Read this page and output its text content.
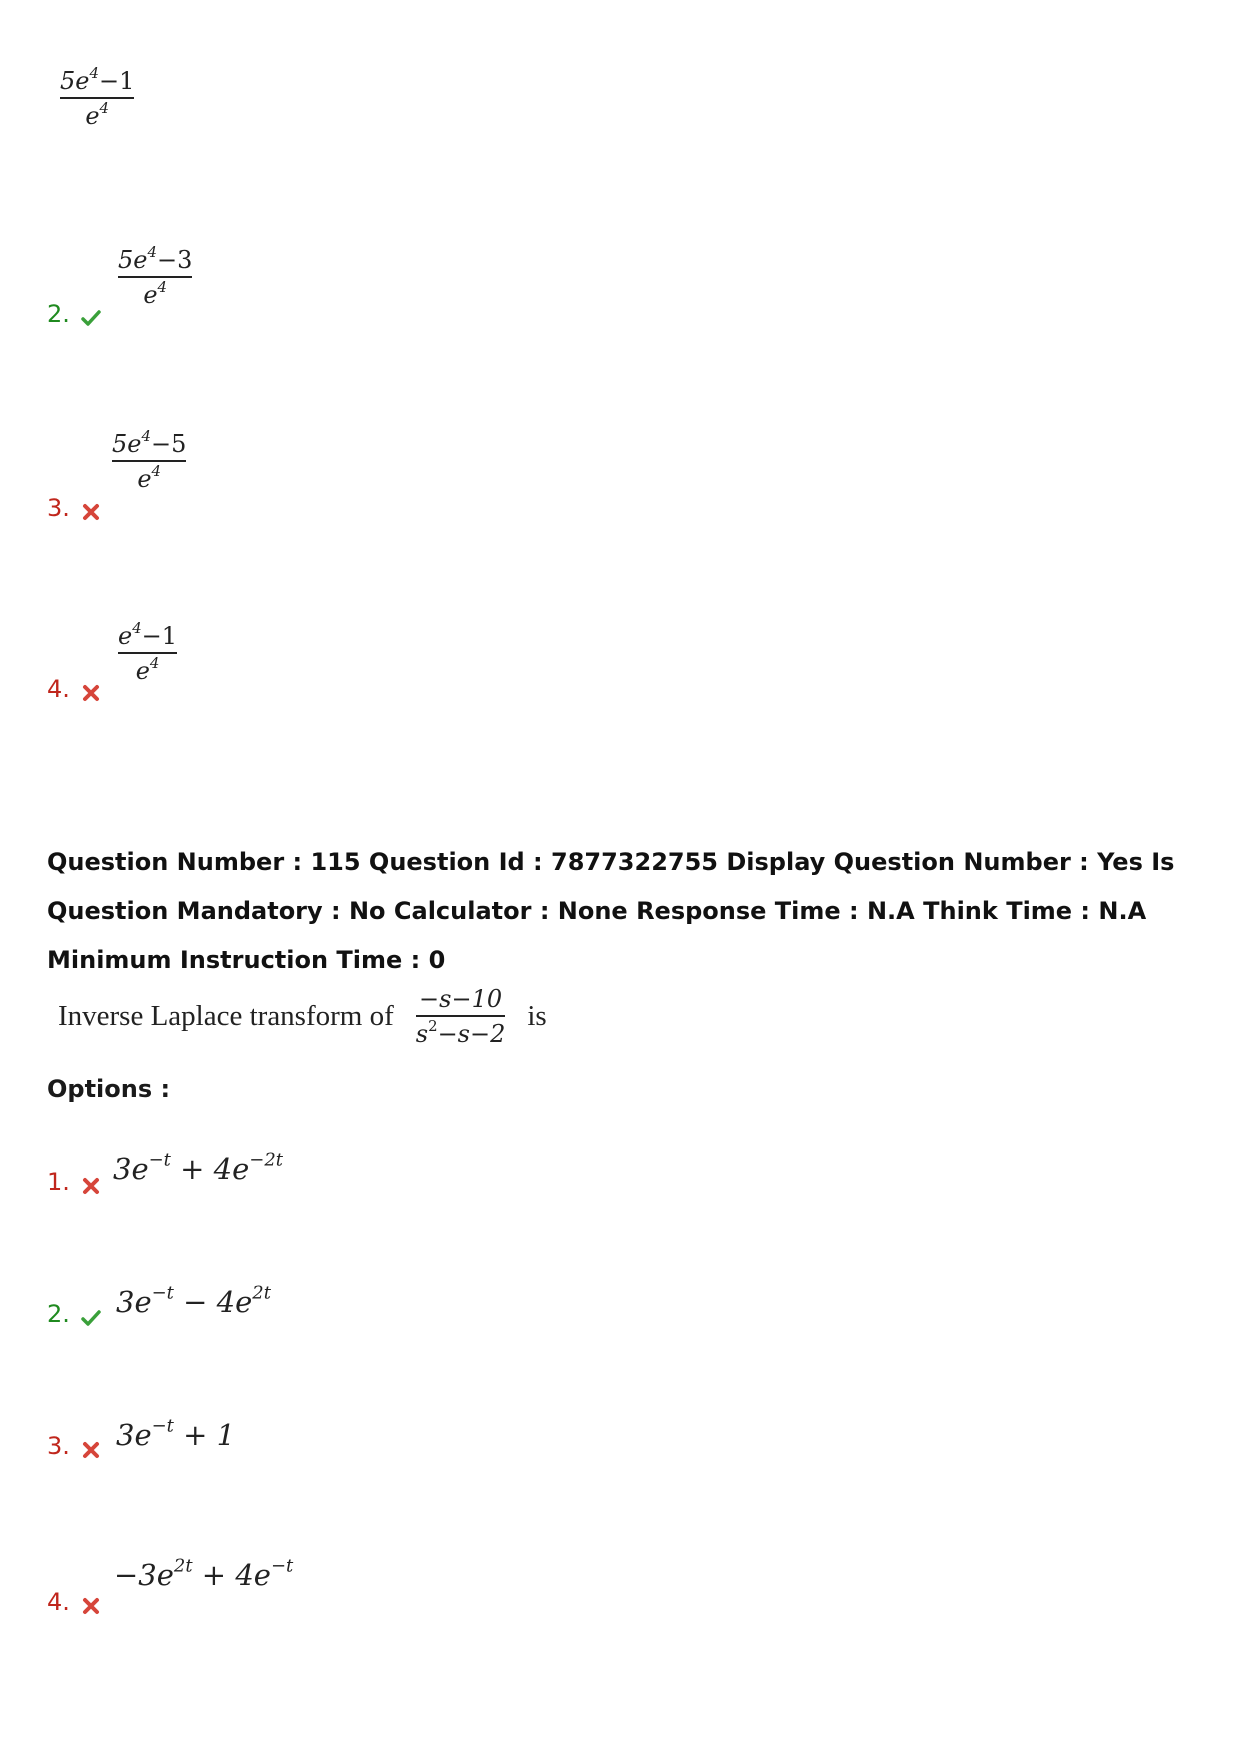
$\frac{5e^4-1}{e^4}$
2.
$\frac{5e^4-3}{e^4}$
3.
$\frac{5e^4-5}{e^4}$
4.
$\frac{e^4-1}{e^4}$
Question Number : 115 Question Id : 7877322755 Display Question Number : Yes Is Question Mandatory : No Calculator : None Response Time : N.A Think Time : N.A Minimum Instruction Time : 0
Inverse Laplace transform of $\frac{-s-10}{s^2-s-2}$ is
Options :
1.	$3e^{-t} + 4e^{-2t}$
2.	$3e^{-t} - 4e^{2t}$
3.	$3e^{-t} + 1$
4.
$-3e^{2t} + 4e^{-t}$
